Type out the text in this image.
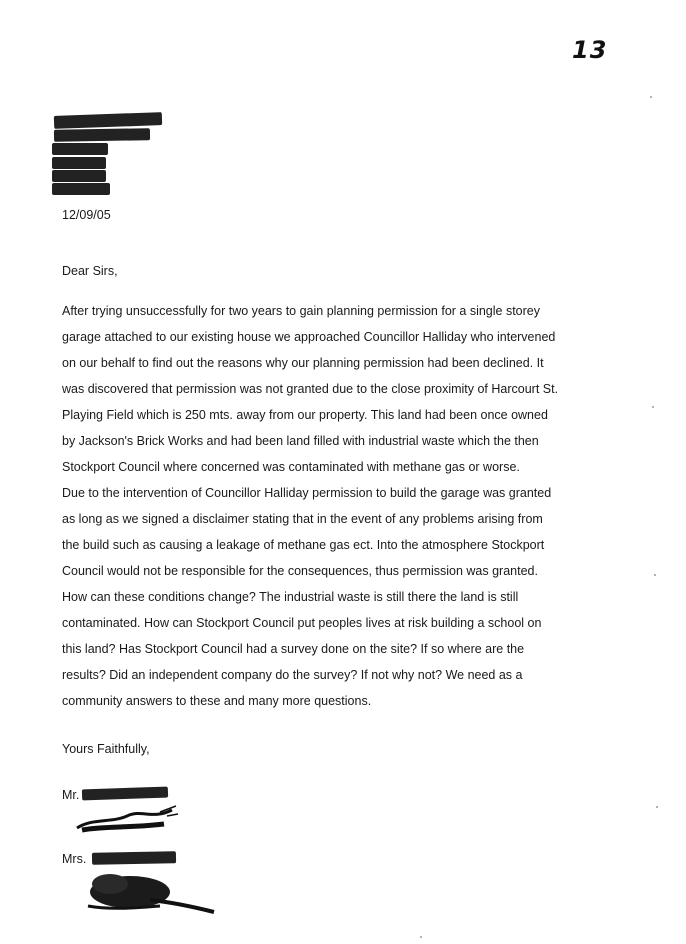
13
12/09/05
Dear Sirs,
After trying unsuccessfully for two years to gain planning permission for a single storey
garage attached to our existing house we approached Councillor Halliday who intervened
on our behalf to find out the reasons why our planning permission had been declined. It
was discovered that permission was not granted due to the close proximity of Harcourt St.
Playing Field which is 250 mts. away from our property. This land had been once owned
by Jackson's Brick Works and had been land filled with industrial waste which the then
Stockport Council where concerned was contaminated with methane gas or worse.
Due to the intervention of Councillor Halliday permission to build the garage was granted
as long as we signed a disclaimer stating that in the event of any problems arising from
the build such as causing a leakage of methane gas ect. Into the atmosphere Stockport
Council would not be responsible for the consequences, thus permission was granted.
How can these conditions change? The industrial waste is still there the land is still
contaminated. How can Stockport Council put peoples lives at risk building a school on
this land? Has Stockport Council had a survey done on the site? If so where are the
results? Did an independent company do the survey? If not why not? We need as a
community answers to these and many more questions.
Yours Faithfully,
Mr.
Mrs.
